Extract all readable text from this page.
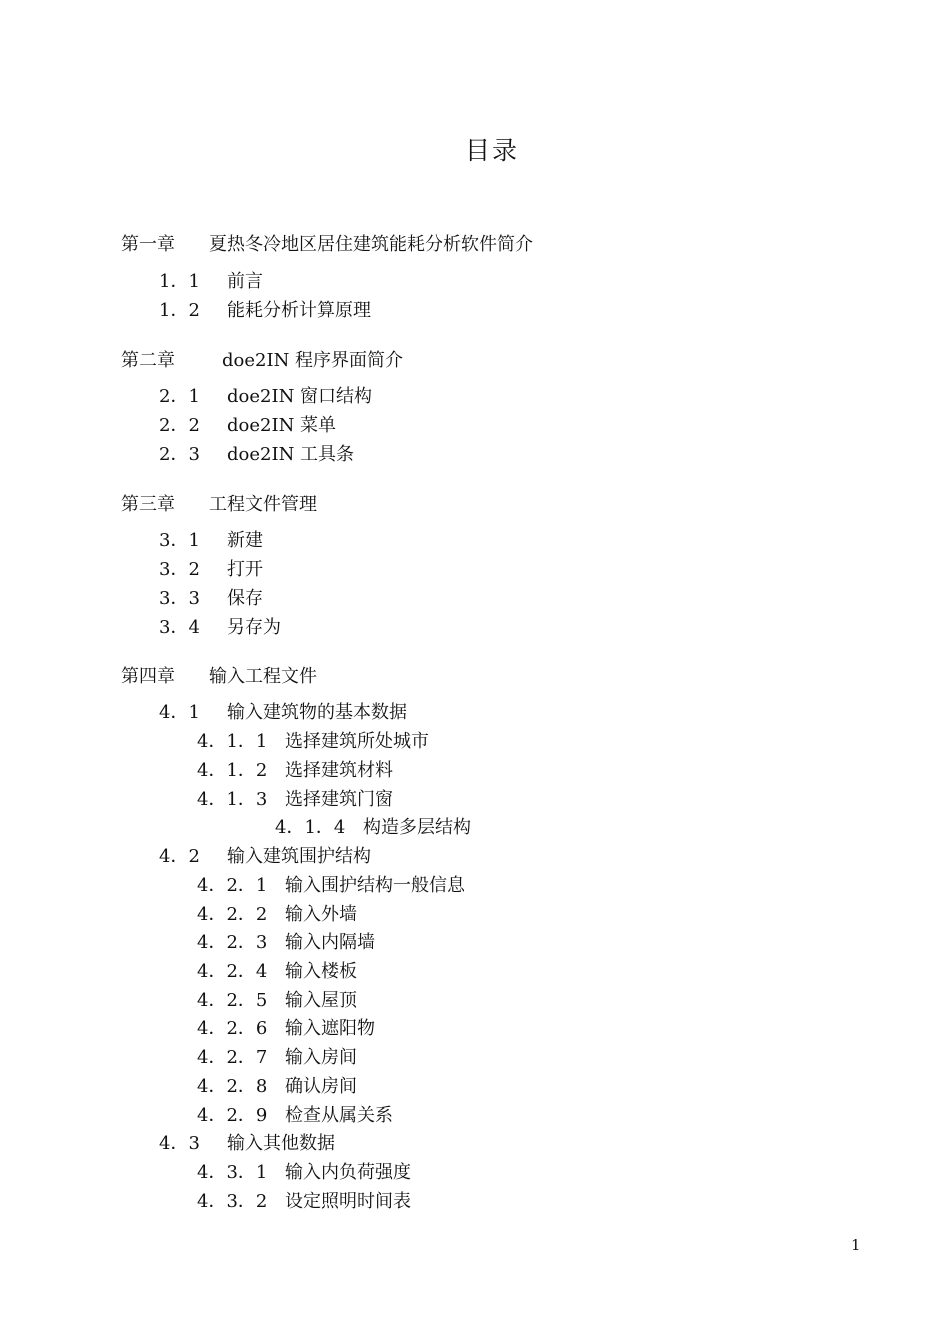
目录
第一章 夏热冬冷地区居住建筑能耗分析软件简介
1．1 前言
1．2 能耗分析计算原理
第二章	doe2IN 程序界面简介
2．1 doe2IN 窗口结构
2．2 doe2IN 菜单
2．3 doe2IN 工具条
第三章 工程文件管理
3．1 新建
3．2 打开
3．3 保存
3．4 另存为
第四章 输入工程文件
4．1 输入建筑物的基本数据
4．1．1 选择建筑所处城市
4．1．2 选择建筑材料
4．1．3 选择建筑门窗
4．1．4 构造多层结构
4．2 输入建筑围护结构
4．2．1 输入围护结构一般信息
4．2．2 输入外墙
4．2．3 输入内隔墙
4．2．4 输入楼板
4．2．5 输入屋顶
4．2．6 输入遮阳物
4．2．7 输入房间
4．2．8 确认房间
4．2．9 检查从属关系
4．3 输入其他数据
4．3．1 输入内负荷强度
4．3．2 设定照明时间表
1
